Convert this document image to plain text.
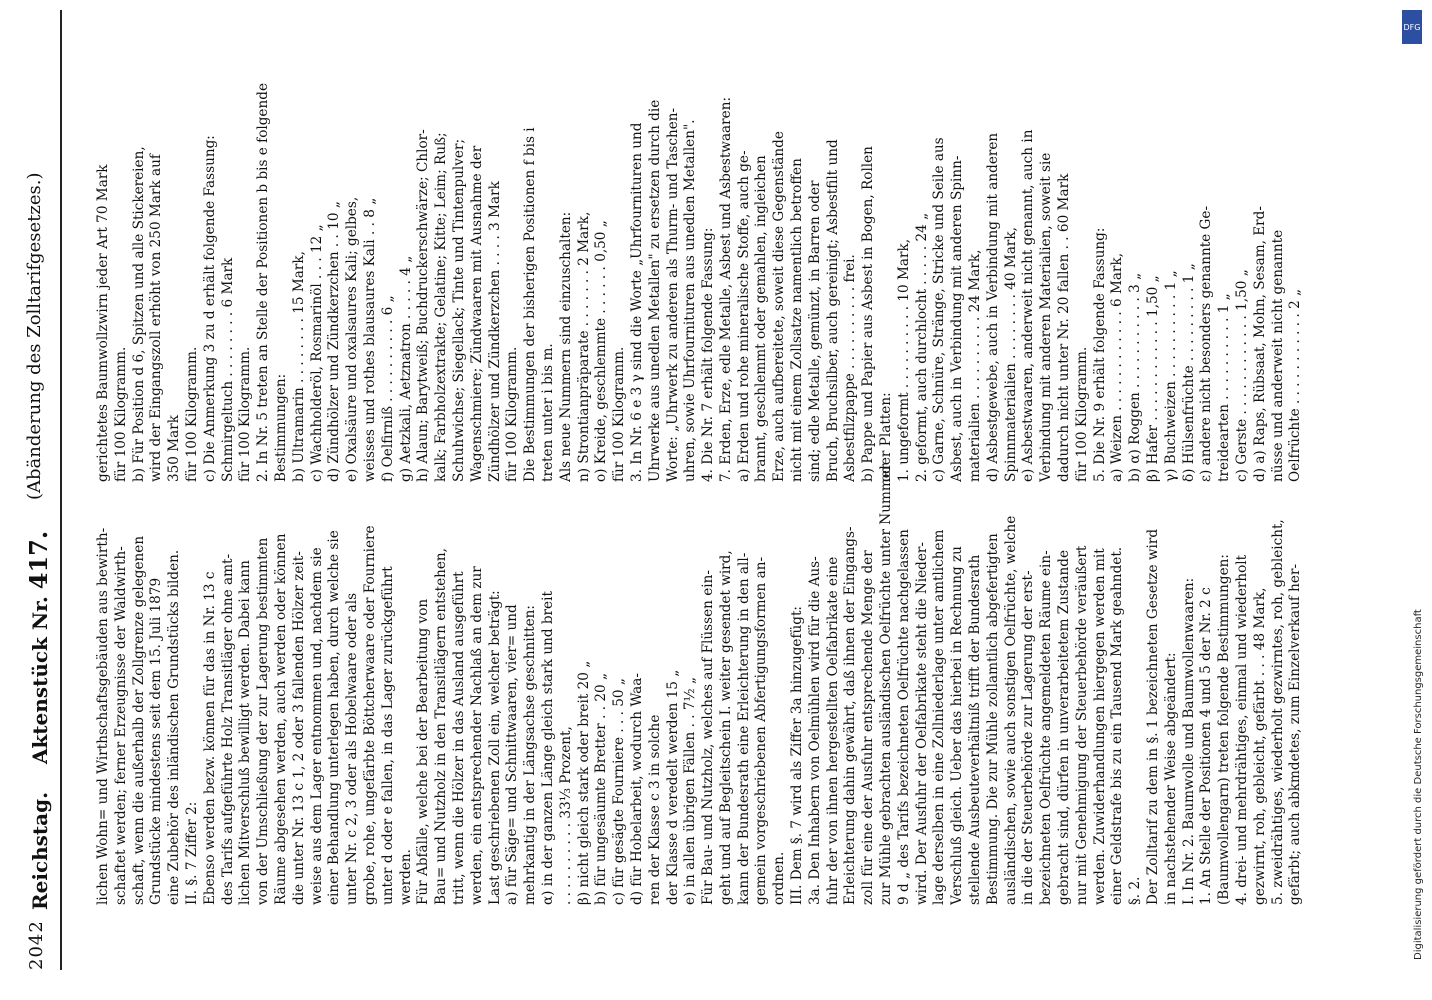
2042
Reichstag.    Aktenstück Nr. 417.
(Abänderung des Zolltarifgesetzes.)
lichen Wohn= und Wirthschaftsgebäuden aus bewirth- schaftet werden; ferner Erzeugnisse der Waldwirth- schaft, wenn die außerhalb der Zollgrenze gelegenen Grundstücke mindestens seit dem 15. Juli 1879 eine Zubehör des inländischen Grundstücks bilden. II. §. 7 Ziffer 2: Ebenso werden bezw. können für das in Nr. 13 c des Tarifs aufgeführte Holz Transitläger ohne amt- lichen Mitverschluß bewilligt werden. Dabei kann von der Umschließung der zur Lagerung bestimmten Räume abgesehen werden, auch werden oder können die unter Nr. 13 c 1, 2 oder 3 fallenden Hölzer zeit- weise aus dem Lager entnommen und, nachdem sie einer Behandlung unterlegen haben, durch welche sie unter Nr. c 2, 3 oder als Hobelwaare oder als grobe, rohe, ungefärbte Böttcherwaare oder Fourniere unter d oder e fallen, in das Lager zurückgeführt werden. Für Abfälle, welche bei der Bearbeitung von Bau= und Nutzholz in den Transitlägern entstehen, tritt, wenn die Hölzer in das Ausland ausgeführt werden, ein entsprechender Nachlaß an dem zur Last geschriebenen Zoll ein, welcher beträgt: a) für Säge= und Schnittwaaren, vier= und mehrkantig in der Längsachse geschnitten: α) in der ganzen Länge gleich stark und breit . . . . . . . . . . 33⅓ Prozent, β) nicht gleich stark oder breit 20 „ b) für ungesäumte Bretter . . 20 „ c) für gesägte Fourniere . . . 50 „ d) für Hobelarbeit, wodurch Waa- ren der Klasse c 3 in solche der Klasse d veredelt werden 15 „ e) in allen übrigen Fällen . . 7½ „ Für Bau- und Nutzholz, welches auf Flüssen ein- geht und auf Begleitschein I. weiter gesendet wird, kann der Bundesrath eine Erleichterung in den all- gemein vorgeschriebenen Abfertigungsformen an- ordnen. III. Dem §. 7 wird als Ziffer 3a hinzugefügt: 3a. Den Inhabern von Oelmühlen wird für die Aus- fuhr der von ihnen hergestellten Oelfabrikate eine Erleichterung dahin gewährt, daß ihnen der Eingangs- zoll für eine der Ausfuhr entsprechende Menge der zur Mühle gebrachten ausländischen Oelfrüchte unter Nummer 9 d „ des Tarifs bezeichneten Oelfrüchte nachgelassen wird. Der Ausfuhr der Oelfabrikate steht die Nieder- lage derselben in eine Zollniederlage unter amtlichem Verschluß gleich. Ueber das hierbei in Rechnung zu stellende Ausbeuteverhältniß trifft der Bundesrath Bestimmung. Die zur Mühle zollamtlich abgefertigten ausländischen, sowie auch sonstigen Oelfrüchte, welche in die der Steuerbehörde zur Lagerung der erst- bezeichneten Oelfrüchte angemeldeten Räume ein- gebracht sind, dürfen in unverarbeitetem Zustande nur mit Genehmigung der Steuerbehörde veräußert werden. Zuwiderhandlungen hiergegen werden mit einer Geldstrafe bis zu ein Tausend Mark geahndet. §. 2. Der Zolltarif zu dem in §. 1 bezeichneten Gesetze wird in nachstehender Weise abgeändert: I. In Nr. 2. Baumwolle und Baumwollenwaaren: 1. An Stelle der Positionen 4 und 5 der Nr. 2 c (Baumwollengarn) treten folgende Bestimmungen: 4. drei- und mehrdrähtiges, einmal und wiederholt gezwirnt, roh, gebleicht, gefärbt . . . 48 Mark, 5. zweidrähtiges, wiederholt gezwirntes, roh, gebleicht, gefärbt; auch abkmdetes, zum Einzelverkauf her-
gerichtetes Baumwollzwirn jeder Art 70 Mark für 100 Kilogramm. b) Für Position d 6, Spitzen und alle Stickereien, wird der Eingangszoll erhöht von 250 Mark auf 350 Mark für 100 Kilogramm. c) Die Anmerkung 3 zu d erhält folgende Fassung: Schmirgeltuch . . . . . . . . 6 Mark für 100 Kilogramm. 2. In Nr. 5 treten an Stelle der Positionen b bis e folgende Bestimmungen: b) Ultramarin . . . . . . . . 15 Mark, c) Wachholderöl, Rosmarinöl . . . 12 „ d) Zündhölzer und Zündkerzchen . . 10 „ e) Oxalsäure und oxalsaures Kali; gelbes, weisses und rothes blausaures Kali . . 8 „ f) Oelfirniß . . . . . . . . . . 6 „ g) Aetzkali, Aetznatron . . . . . 4 „ h) Alaun; Barytweiß; Buchdruckerschwärze; Chlor- kalk; Farbholzextrakte; Gelatine; Kitte; Leim; Ruß; Schuhwichse; Siegellack; Tinte und Tintenpulver; Wagenschmiere; Zündwaaren mit Ausnahme der Zündhölzer und Zündkerzchen . . . . 3 Mark für 100 Kilogramm. Die Bestimmungen der bisherigen Positionen f bis i treten unter i bis m. Als neue Nummern sind einzuschalten: n) Strontianpräparate . . . . . . . 2 Mark, o) Kreide, geschlemmte . . . . . . 0,50 „ für 100 Kilogramm. 3. In Nr. 6 e 3 γ sind die Worte „Uhrfournituren und Uhrwerke aus unedlen Metallen" zu ersetzen durch die Worte: „Uhrwerk zu anderen als Thurm- und Taschen- uhren, sowie Uhrfournituren aus unedlen Metallen". 4. Die Nr. 7 erhält folgende Fassung: 7. Erden, Erze, edle Metalle, Asbest und Asbestwaaren: a) Erden und rohe mineralische Stoffe, auch ge- brannt, geschlemmt oder gemahlen, ingleichen Erze, auch aufbereitete, soweit diese Gegenstände nicht mit einem Zollsatze namentlich betroffen sind; edle Metalle, gemünzt, in Barren oder Bruch, Bruchsilber, auch gereinigt; Asbestfilt und Asbestfilzpappe . . . . . . . . . . frei. b) Pappe und Papier aus Asbest in Bogen, Rollen oder Platten: 1. ungeformt . . . . . . . . . . 10 Mark, 2. geformt, auch durchlocht . . . . . 24 „ c) Garne, Schnüre, Stränge, Stricke und Seile aus Asbest, auch in Verbindung mit anderen Spinn- materialien . . . . . . . . . . 24 Mark, d) Asbestgewebe, auch in Verbindung mit anderen Spinnmaterialien . . . . . . . . 40 Mark, e) Asbestwaaren, anderweit nicht genannt, auch in Verbindung mit anderen Materialien, soweit sie dadurch nicht unter Nr. 20 fallen . . 60 Mark für 100 Kilogramm. 5. Die Nr. 9 erhält folgende Fassung: a) Weizen . . . . . . . . . . . . 6 Mark, b) α) Roggen . . . . . . . . . . . 3 „ β) Hafer . . . . . . . . . . . . 1,50 „ γ) Buchweizen . . . . . . . . . . 1 „ δ) Hülsenfrüchte . . . . . . . . . 1 „ ε) andere nicht besonders genannte Ge- treidearten . . . . . . . . . . 1 „ c) Gerste . . . . . . . . . . . . 1,50 „ d) a) Raps, Rübsaat, Mohn, Sesam, Erd- nüsse und anderweit nicht genannte Oelfrüchte . . . . . . . . . . . 2 „
Digitalisierung gefördert durch die Deutsche Forschungsgemeinschaft
DFG
